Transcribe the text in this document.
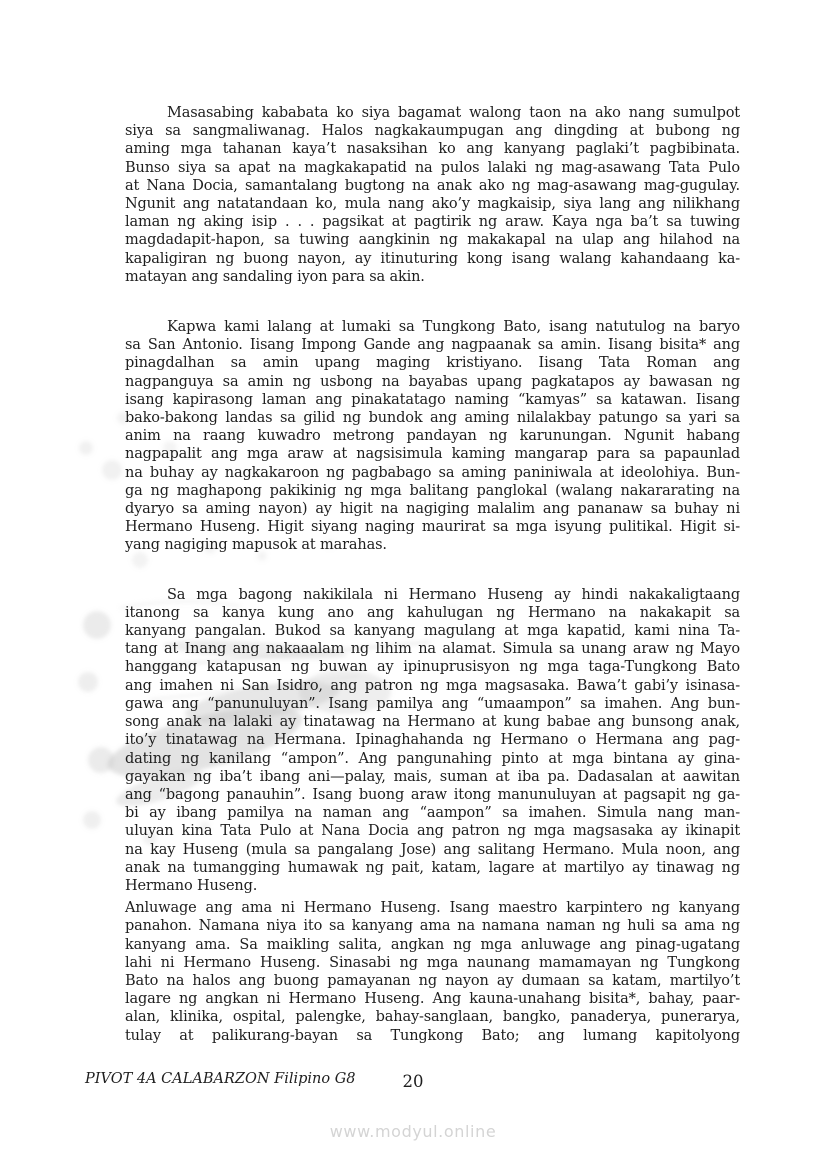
Masasabing kababata ko siya bagamat walong taon na ako nang sumulpot
siya sa sangmaliwanag. Halos nagkakaumpugan ang dingding at bubong ng
aming mga tahanan kaya’t nasaksihan ko ang kanyang paglaki’t pagbibinata.
Bunso siya sa apat na magkakapatid na pulos lalaki ng mag-asawang Tata Pulo
at Nana Docia, samantalang bugtong na anak ako ng mag-asawang mag-gugulay.
Ngunit ang natatandaan ko, mula nang ako’y magkaisip, siya lang ang nilikhang
laman ng aking isip . . . pagsikat at pagtirik ng araw. Kaya nga ba’t sa tuwing
magdadapit-hapon, sa tuwing aangkinin ng makakapal na ulap ang hilahod na
kapaligiran ng buong nayon, ay itinuturing kong isang walang kahandaang ka-
matayan ang sandaling iyon para sa akin.
Kapwa kami lalang at lumaki sa Tungkong Bato, isang natutulog na baryo
sa San Antonio. Iisang Impong Gande ang nagpaanak sa amin. Iisang bisita* ang
pinagdalhan sa amin upang maging kristiyano. Iisang Tata Roman ang
nagpanguya sa amin ng usbong na bayabas upang pagkatapos ay bawasan ng
isang kapirasong laman ang pinakatatago naming “kamyas” sa katawan. Iisang
bako-bakong landas sa gilid ng bundok ang aming nilalakbay patungo sa yari sa
anim na raang kuwadro metrong pandayan ng karunungan. Ngunit habang
nagpapalit ang mga araw at nagsisimula kaming mangarap para sa papaunlad
na buhay ay nagkakaroon ng pagbabago sa aming paniniwala at ideolohiya. Bun-
ga ng maghapong pakikinig ng mga balitang panglokal (walang nakararating na
dyaryo sa aming nayon) ay higit na nagiging malalim ang pananaw sa buhay ni
Hermano Huseng. Higit siyang naging maurirat sa mga isyung pulitikal. Higit si-
yang nagiging mapusok at marahas.
Sa mga bagong nakikilala ni Hermano Huseng ay hindi nakakaligtaang
itanong sa kanya kung ano ang kahulugan ng Hermano na nakakapit sa
kanyang pangalan. Bukod sa kanyang magulang at mga kapatid, kami nina Ta-
tang at Inang ang nakaaalam ng lihim na alamat. Simula sa unang araw ng Mayo
hanggang katapusan ng buwan ay ipinuprusisyon ng mga taga-Tungkong Bato
ang imahen ni San Isidro, ang patron ng mga magsasaka. Bawa’t gabi’y isinasa-
gawa ang “panunuluyan”. Isang pamilya ang “umaampon” sa imahen. Ang bun-
song anak na lalaki ay tinatawag na Hermano at kung babae ang bunsong anak,
ito’y tinatawag na Hermana. Ipinaghahanda ng Hermano o Hermana ang pag-
dating ng kanilang “ampon”. Ang pangunahing pinto at mga bintana ay gina-
gayakan ng iba’t ibang ani—palay, mais, suman at iba pa. Dadasalan at aawitan
ang “bagong panauhin”. Isang buong araw itong manunuluyan at pagsapit ng ga-
bi ay ibang pamilya na naman ang “aampon” sa imahen. Simula nang man-
uluyan kina Tata Pulo at Nana Docia ang patron ng mga magsasaka ay ikinapit
na kay Huseng (mula sa pangalang Jose) ang salitang Hermano. Mula noon, ang
anak na tumangging humawak ng pait, katam, lagare at martilyo ay tinawag ng
Hermano Huseng.
Anluwage ang ama ni Hermano Huseng. Isang maestro karpintero ng kanyang
panahon. Namana niya ito sa kanyang ama na namana naman ng huli sa ama ng
kanyang ama. Sa maikling salita, angkan ng mga anluwage ang pinag-ugatang
lahi ni Hermano Huseng. Sinasabi ng mga naunang mamamayan ng Tungkong
Bato na halos ang buong pamayanan ng nayon ay dumaan sa katam, martilyo’t
lagare ng angkan ni Hermano Huseng. Ang kauna-unahang bisita*, bahay, paar-
alan, klinika, ospital, palengke, bahay-sanglaan, bangko, panaderya, punerarya,
tulay at palikurang-bayan sa Tungkong Bato; ang lumang kapitolyong
PIVOT 4A CALABARZON Filipino G8	20
www.modyul.online
